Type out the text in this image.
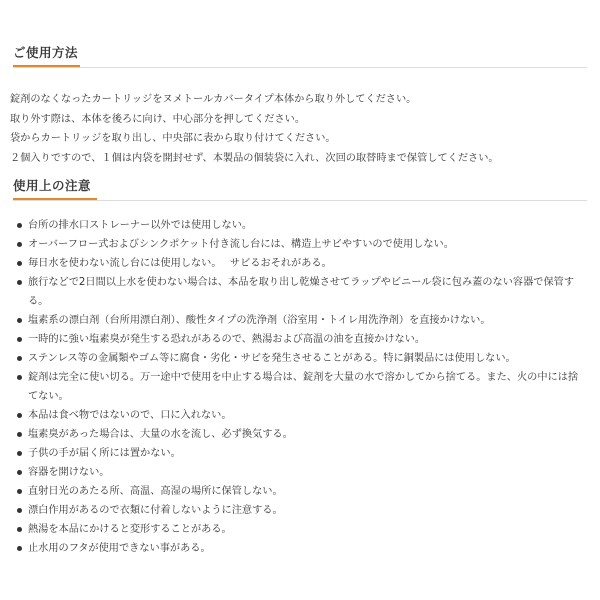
ご使用方法
錠剤のなくなったカートリッジをヌメトールカバータイプ本体から取り外してください。
取り外す際は、本体を後ろに向け、中心部分を押してください。
袋からカートリッジを取り出し、中央部に表から取り付けてください。
２個入りですので、１個は内袋を開封せず、本製品の個装袋に入れ、次回の取替時まで保管してください。
使用上の注意
台所の排水口ストレーナー以外では使用しない。
オーバーフロー式およびシンクポケット付き流し台には、構造上サビやすいので使用しない。
毎日水を使わない流し台には使用しない。　 サビるおそれがある。
旅行などで2日間以上水を使わない場合は、本品を取り出し乾燥させてラップやビニール袋に包み蓋のない容器で保管する。
塩素系の漂白剤（台所用漂白剤）、酸性タイプの洗浄剤（浴室用・トイレ用洗浄剤）を直接かけない。
一時的に強い塩素臭が発生する恐れがあるので、熱湯および高温の油を直接かけない。
ステンレス等の金属類やゴム等に腐食・劣化・サビを発生させることがある。特に銅製品には使用しない。
錠剤は完全に使い切る。万一途中で使用を中止する場合は、錠剤を大量の水で溶かしてから捨てる。また、火の中には捨てない。
本品は食べ物ではないので、口に入れない。
塩素臭があった場合は、大量の水を流し、必ず換気する。
子供の手が届く所には置かない。
容器を開けない。
直射日光のあたる所、高温、高湿の場所に保管しない。
漂白作用があるので衣類に付着しないように注意する。
熱湯を本品にかけると変形することがある。
止水用のフタが使用できない事がある。
